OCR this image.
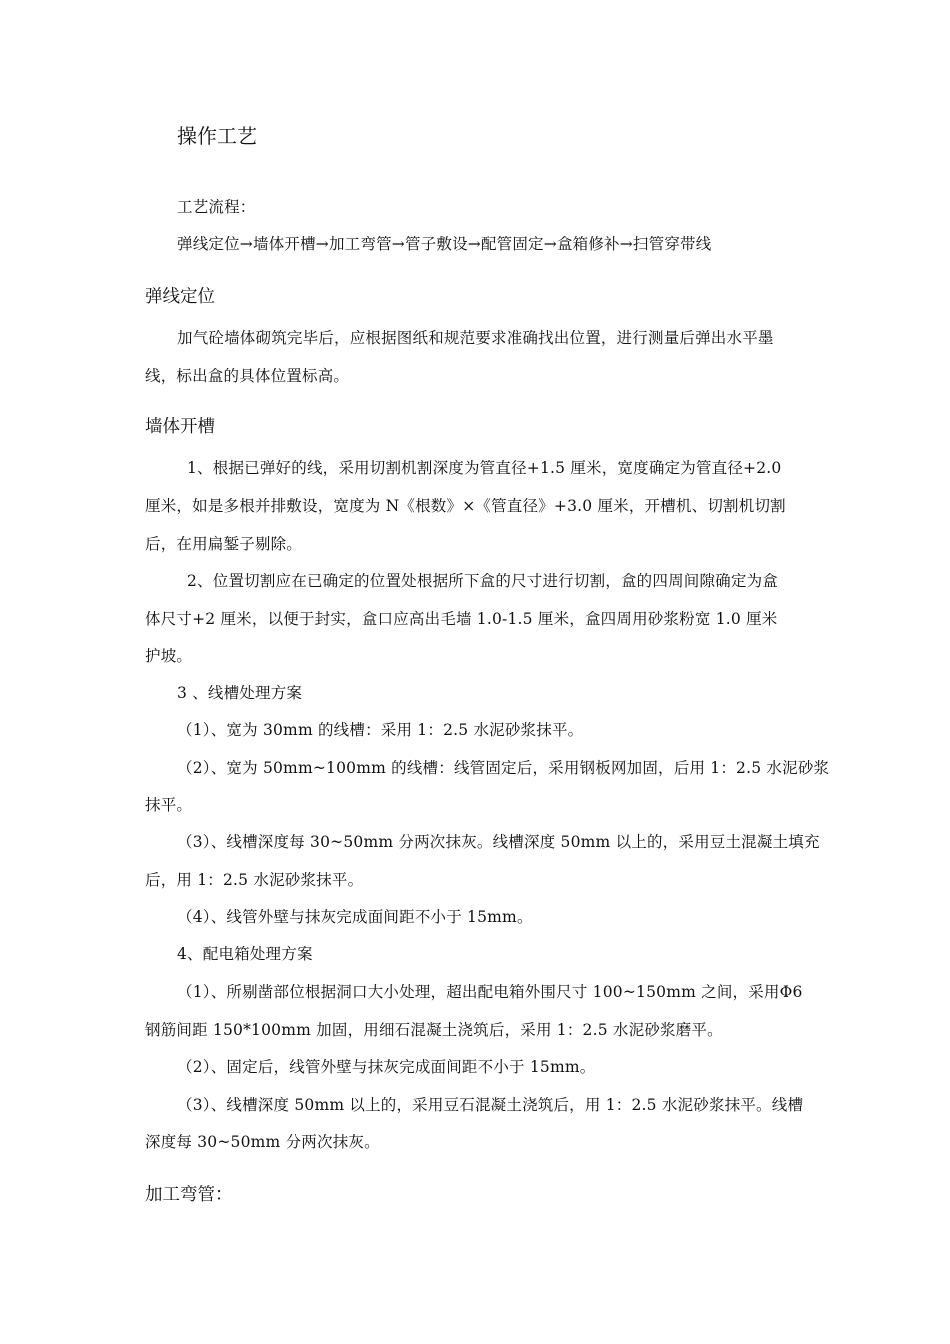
操作工艺
工艺流程：
弹线定位→墙体开槽→加工弯管→管子敷设→配管固定→盒箱修补→扫管穿带线
弹线定位
加气砼墙体砌筑完毕后，应根据图纸和规范要求准确找出位置，进行测量后弹出水平墨
线，标出盒的具体位置标高。
墙体开槽
1、根据已弹好的线，采用切割机割深度为管直径+1.5 厘米，宽度确定为管直径+2.0
厘米，如是多根并排敷设，宽度为 N《根数》×《管直径》+3.0 厘米，开槽机、切割机切割
后，在用扁錾子剔除。
2、位置切割应在已确定的位置处根据所下盒的尺寸进行切割，盒的四周间隙确定为盒
体尺寸+2 厘米，以便于封实，盒口应高出毛墙 1.0-1.5 厘米，盒四周用砂浆粉宽 1.0 厘米
护坡。
3 、线槽处理方案
（1）、宽为 30mm 的线槽：采用 1：2.5 水泥砂浆抹平。
（2）、宽为 50mm~100mm 的线槽：线管固定后，采用钢板网加固，后用 1：2.5 水泥砂浆
抹平。
（3）、线槽深度每 30~50mm 分两次抹灰。线槽深度 50mm 以上的，采用豆土混凝土填充
后，用 1：2.5 水泥砂浆抹平。
（4）、线管外壁与抹灰完成面间距不小于 15mm。
4、配电箱处理方案
（1）、所剔凿部位根据洞口大小处理，超出配电箱外围尺寸 100~150mm 之间，采用Φ6
钢筋间距 150*100mm 加固，用细石混凝土浇筑后，采用 1：2.5 水泥砂浆磨平。
（2）、固定后，线管外壁与抹灰完成面间距不小于 15mm。
（3）、线槽深度 50mm 以上的，采用豆石混凝土浇筑后，用 1：2.5 水泥砂浆抹平。线槽
深度每 30~50mm 分两次抹灰。
加工弯管：
